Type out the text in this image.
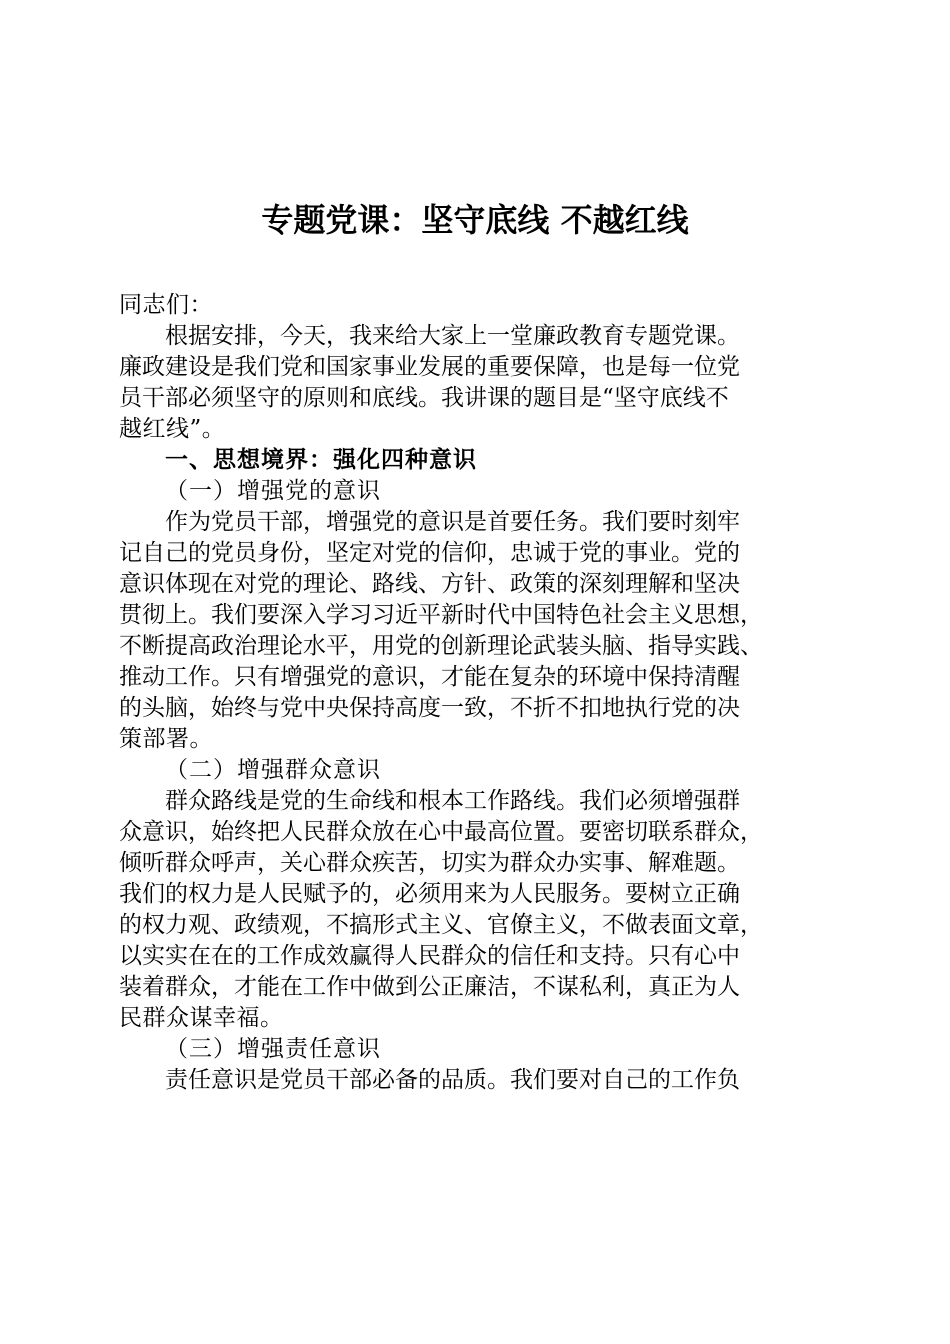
专题党课：坚守底线 不越红线
同志们：
　　根据安排，今天，我来给大家上一堂廉政教育专题党课。
廉政建设是我们党和国家事业发展的重要保障，也是每一位党
员干部必须坚守的原则和底线。我讲课的题目是“坚守底线不
越红线”。
一、思想境界：强化四种意识
（一）增强党的意识
　　作为党员干部，增强党的意识是首要任务。我们要时刻牢
记自己的党员身份，坚定对党的信仰，忠诚于党的事业。党的
意识体现在对党的理论、路线、方针、政策的深刻理解和坚决
贯彻上。我们要深入学习习近平新时代中国特色社会主义思想，
不断提高政治理论水平，用党的创新理论武装头脑、指导实践、
推动工作。只有增强党的意识，才能在复杂的环境中保持清醒
的头脑，始终与党中央保持高度一致，不折不扣地执行党的决
策部署。
（二）增强群众意识
　　群众路线是党的生命线和根本工作路线。我们必须增强群
众意识，始终把人民群众放在心中最高位置。要密切联系群众，
倾听群众呼声，关心群众疾苦，切实为群众办实事、解难题。
我们的权力是人民赋予的，必须用来为人民服务。要树立正确
的权力观、政绩观，不搞形式主义、官僚主义，不做表面文章，
以实实在在的工作成效赢得人民群众的信任和支持。只有心中
装着群众，才能在工作中做到公正廉洁，不谋私利，真正为人
民群众谋幸福。
（三）增强责任意识
　　责任意识是党员干部必备的品质。我们要对自己的工作负
